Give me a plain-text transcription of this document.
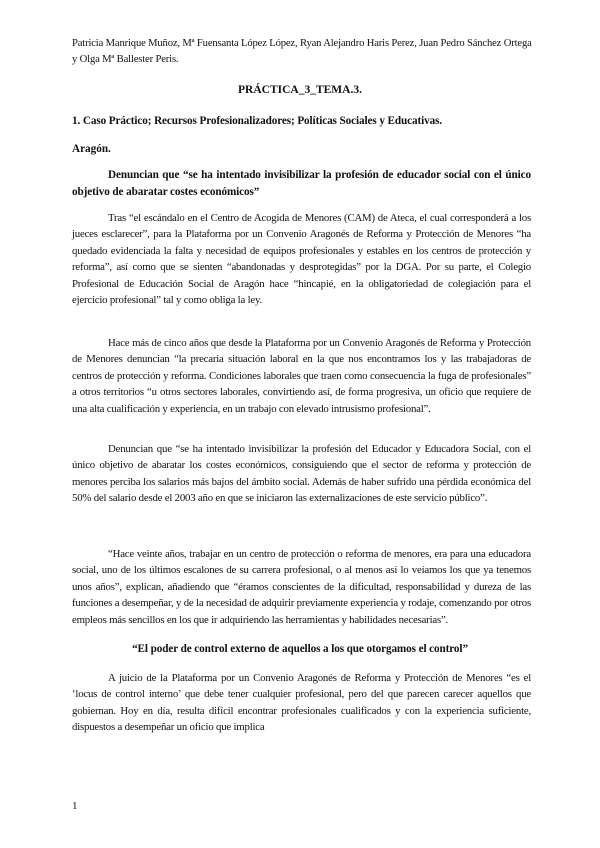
Patricia Manrique Muñoz, Mª Fuensanta López López, Ryan Alejandro Haris Perez, Juan Pedro Sánchez Ortega y Olga Mª Ballester Peris.
PRÁCTICA_3_TEMA.3.
1. Caso Práctico; Recursos Profesionalizadores; Políticas Sociales y Educativas.
Aragón.
Denuncian que “se ha intentado invisibilizar la profesión de educador social con el único objetivo de abaratar costes económicos”
Tras “el escándalo en el Centro de Acogida de Menores (CAM) de Ateca, el cual corresponderá a los jueces esclarecer”, para la Plataforma por un Convenio Aragonés de Reforma y Protección de Menores “ha quedado evidenciada la falta y necesidad de equipos profesionales y estables en los centros de protección y reforma”, así como que se sienten “abandonadas y desprotegidas” por la DGA. Por su parte, el Colegio Profesional de Educación Social de Aragón hace “hincapié, en la obligatoriedad de colegiación para el ejercicio profesional” tal y como obliga la ley.
Hace más de cinco años que desde la Plataforma por un Convenio Aragonés de Reforma y Protección de Menores denuncian “la precaria situación laboral en la que nos encontramos los y las trabajadoras de centros de protección y reforma. Condiciones laborales que traen como consecuencia la fuga de profesionales” a otros territorios “u otros sectores laborales, convirtiendo así, de forma progresiva, un oficio que requiere de una alta cualificación y experiencia, en un trabajo con elevado intrusismo profesional”.
Denuncian que “se ha intentado invisibilizar la profesión del Educador y Educadora Social, con el único objetivo de abaratar los costes económicos, consiguiendo que el sector de reforma y protección de menores perciba los salarios más bajos del ámbito social. Además de haber sufrido una pérdida económica del 50% del salario desde el 2003 año en que se iniciaron las externalizaciones de este servicio público”.
“Hace veinte años, trabajar en un centro de protección o reforma de menores, era para una educadora social, uno de los últimos escalones de su carrera profesional, o al menos así lo veíamos los que ya tenemos unos años”, explican, añadiendo que “éramos conscientes de la dificultad, responsabilidad y dureza de las funciones a desempeñar, y de la necesidad de adquirir previamente experiencia y rodaje, comenzando por otros empleos más sencillos en los que ir adquiriendo las herramientas y habilidades necesarias”.
“El poder de control externo de aquellos a los que otorgamos el control”
A juicio de la Plataforma por un Convenio Aragonés de Reforma y Protección de Menores “es el ‘locus de control interno’ que debe tener cualquier profesional, pero del que parecen carecer aquellos que gobiernan. Hoy en día, resulta difícil encontrar profesionales cualificados y con la experiencia suficiente, dispuestos a desempeñar un oficio que implica
1
